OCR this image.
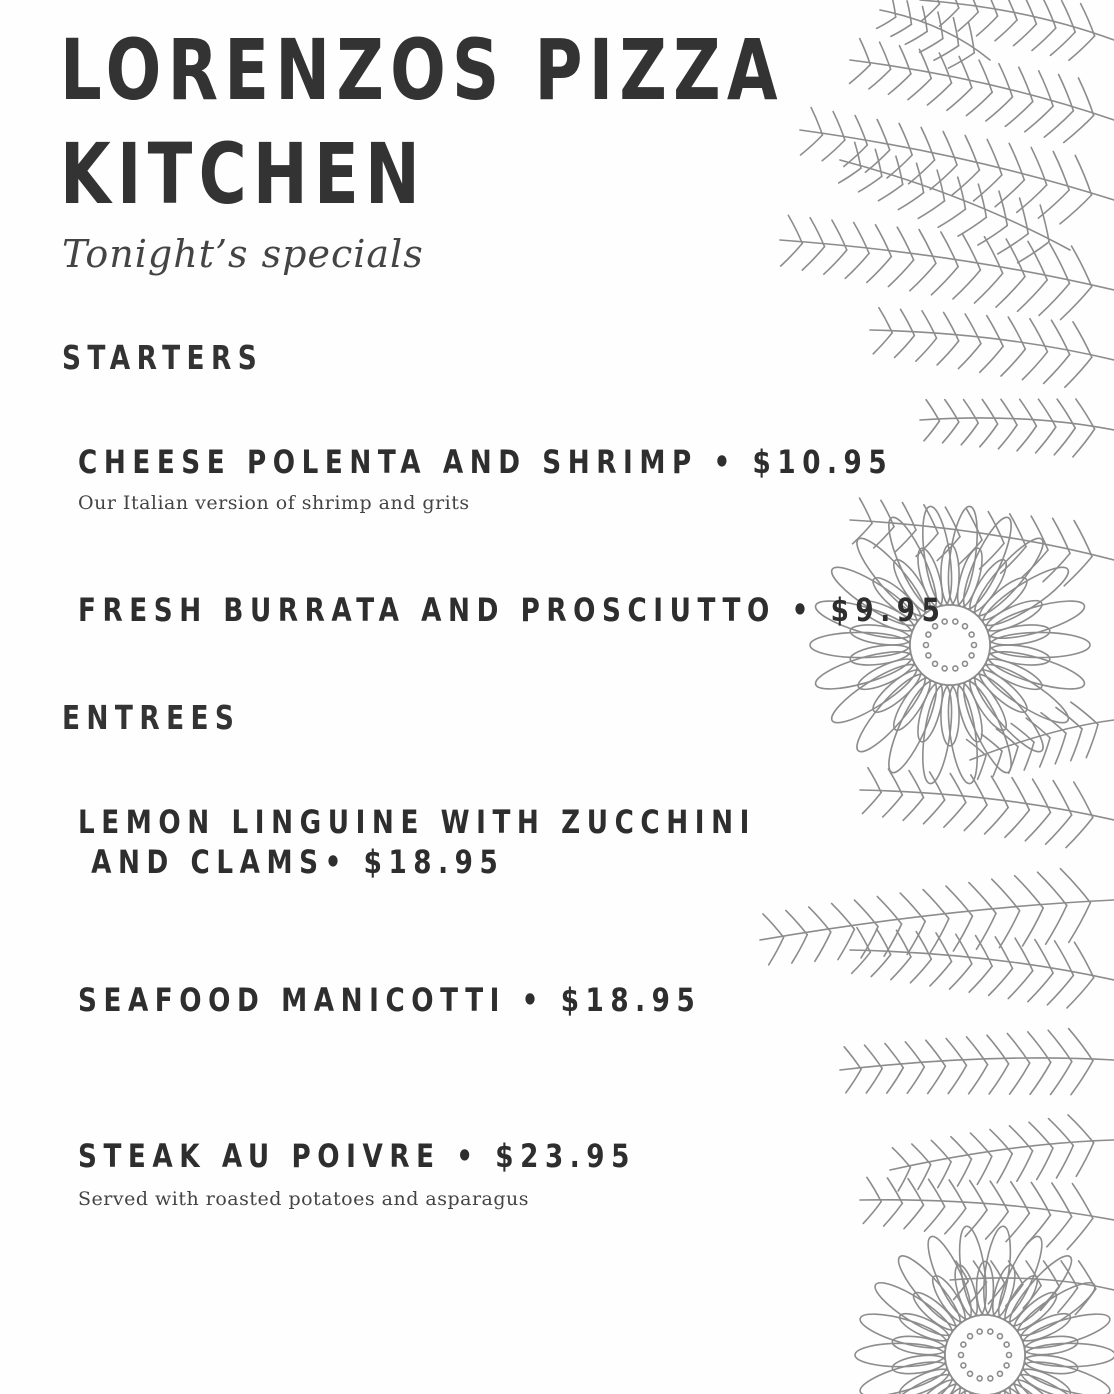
LORENZOS PIZZA
KITCHEN
Tonight’s specials
STARTERS
CHEESE POLENTA AND SHRIMP • $10.95
Our Italian version of shrimp and grits
FRESH BURRATA AND PROSCIUTTO • $9.95
ENTREES
LEMON LINGUINE WITH ZUCCHINI
AND CLAMS• $18.95
SEAFOOD MANICOTTI • $18.95
STEAK AU POIVRE • $23.95
Served with roasted potatoes and asparagus
